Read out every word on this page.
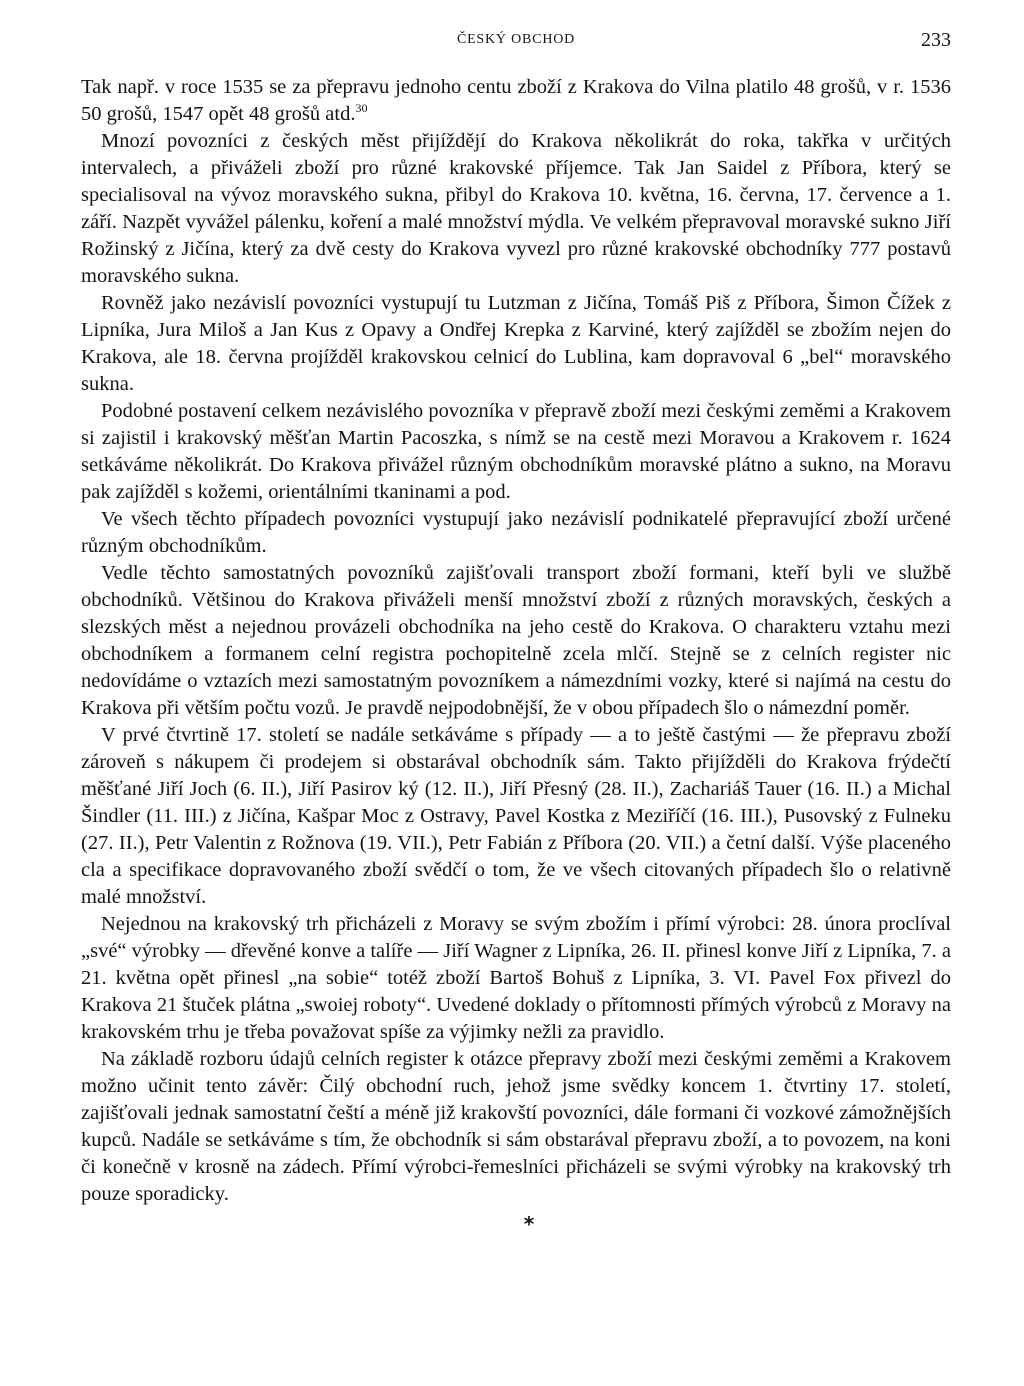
ČESKÝ OBCHOD	233

Tak např. v roce 1535 se za přepravu jednoho centu zboží z Krakova do Vilna platilo 48 grošů, v r. 1536 50 grošů, 1547 opět 48 grošů atd.$^{30}$

Mnozí povozníci z českých měst přijíždějí do Krakova několikrát do roka, takřka v určitých intervalech, a přiváželi zboží pro různé krakovské příjemce. Tak Jan Saidel z Příbora, který se specialisoval na vývoz moravského sukna, přibyl do Krakova 10. května, 16. června, 17. července a 1. září. Nazpět vyvážel pálenku, koření a malé množství mýdla. Ve velkém přepravoval moravské sukno Jiří Rožinský z Jičína, který za dvě cesty do Krakova vyvezl pro různé krakovské obchodníky 777 postavů moravského sukna.

Rovněž jako nezávislí povozníci vystupují tu Lutzman z Jičína, Tomáš Piš z Příbora, Šimon Čížek z Lipníka, Jura Miloš a Jan Kus z Opavy a Ondřej Krepka z Karviné, který zajížděl se zbožím nejen do Krakova, ale 18. června projížděl krakovskou celnicí do Lublina, kam dopravoval 6 „bel“ moravského sukna.

Podobné postavení celkem nezávislého povozníka v přepravě zboží mezi českými zeměmi a Krakovem si zajistil i krakovský měšťan Martin Pacoszka, s nímž se na cestě mezi Moravou a Krakovem r. 1624 setkáváme několikrát. Do Krakova přivážel různým obchodníkům moravské plátno a sukno, na Moravu pak zajížděl s kožemi, orientálními tkaninami a pod.

Ve všech těchto případech povozníci vystupují jako nezávislí podnikatelé přepravující zboží určené různým obchodníkům.

Vedle těchto samostatných povozníků zajišťovali transport zboží formani, kteří byli ve službě obchodníků. Většinou do Krakova přiváželi menší množství zboží z různých moravských, českých a slezských měst a nejednou provázeli obchodníka na jeho cestě do Krakova. O charakteru vztahu mezi obchodníkem a formanem celní registra pochopitelně zcela mlčí. Stejně se z celních register nic nedovídáme o vztazích mezi samostatným povozníkem a námezdními vozky, které si najímá na cestu do Krakova při větším počtu vozů. Je pravdě nejpodobnější, že v obou případech šlo o námezdní poměr.

V prvé čtvrtině 17. století se nadále setkáváme s případy — a to ještě častými — že přepravu zboží zároveň s nákupem či prodejem si obstarával obchodník sám. Takto přijížděli do Krakova frýdečtí měšťané Jiří Joch (6. II.), Jiří Pasirov ký (12. II.), Jiří Přesný (28. II.), Zachariáš Tauer (16. II.) a Michal Šindler (11. III.) z Jičína, Kašpar Moc z Ostravy, Pavel Kostka z Meziříčí (16. III.), Pusovský z Fulneku (27. II.), Petr Valentin z Rožnova (19. VII.), Petr Fabián z Příbora (20. VII.) a četní další. Výše placeného cla a specifikace dopravovaného zboží svědčí o tom, že ve všech citovaných případech šlo o relativně malé množství.

Nejednou na krakovský trh přicházeli z Moravy se svým zbožím i přímí výrobci: 28. února proclíval „své“ výrobky — dřevěné konve a talíře — Jiří Wagner z Lipníka, 26. II. přinesl konve Jiří z Lipníka, 7. a 21. května opět přinesl „na sobie“ totéž zboží Bartoš Bohuš z Lipníka, 3. VI. Pavel Fox přivezl do Krakova 21 štuček plátna „swoiej roboty“. Uvedené doklady o přítomnosti přímých výrobců z Moravy na krakovském trhu je třeba považovat spíše za výjimky nežli za pravidlo.

Na základě rozboru údajů celních register k otázce přepravy zboží mezi českými zeměmi a Krakovem možno učinit tento závěr: Čilý obchodní ruch, jehož jsme svědky koncem 1. čtvrtiny 17. století, zajišťovali jednak samostatní čeští a méně již krakovští povozníci, dále formani či vozkové zámožnějších kupců. Nadále se setkáváme s tím, že obchodník si sám obstarával přepravu zboží, a to povozem, na koni či konečně v krosně na zádech. Přímí výrobci-řemeslníci přicházeli se svými výrobky na krakovský trh pouze sporadicky.

*
